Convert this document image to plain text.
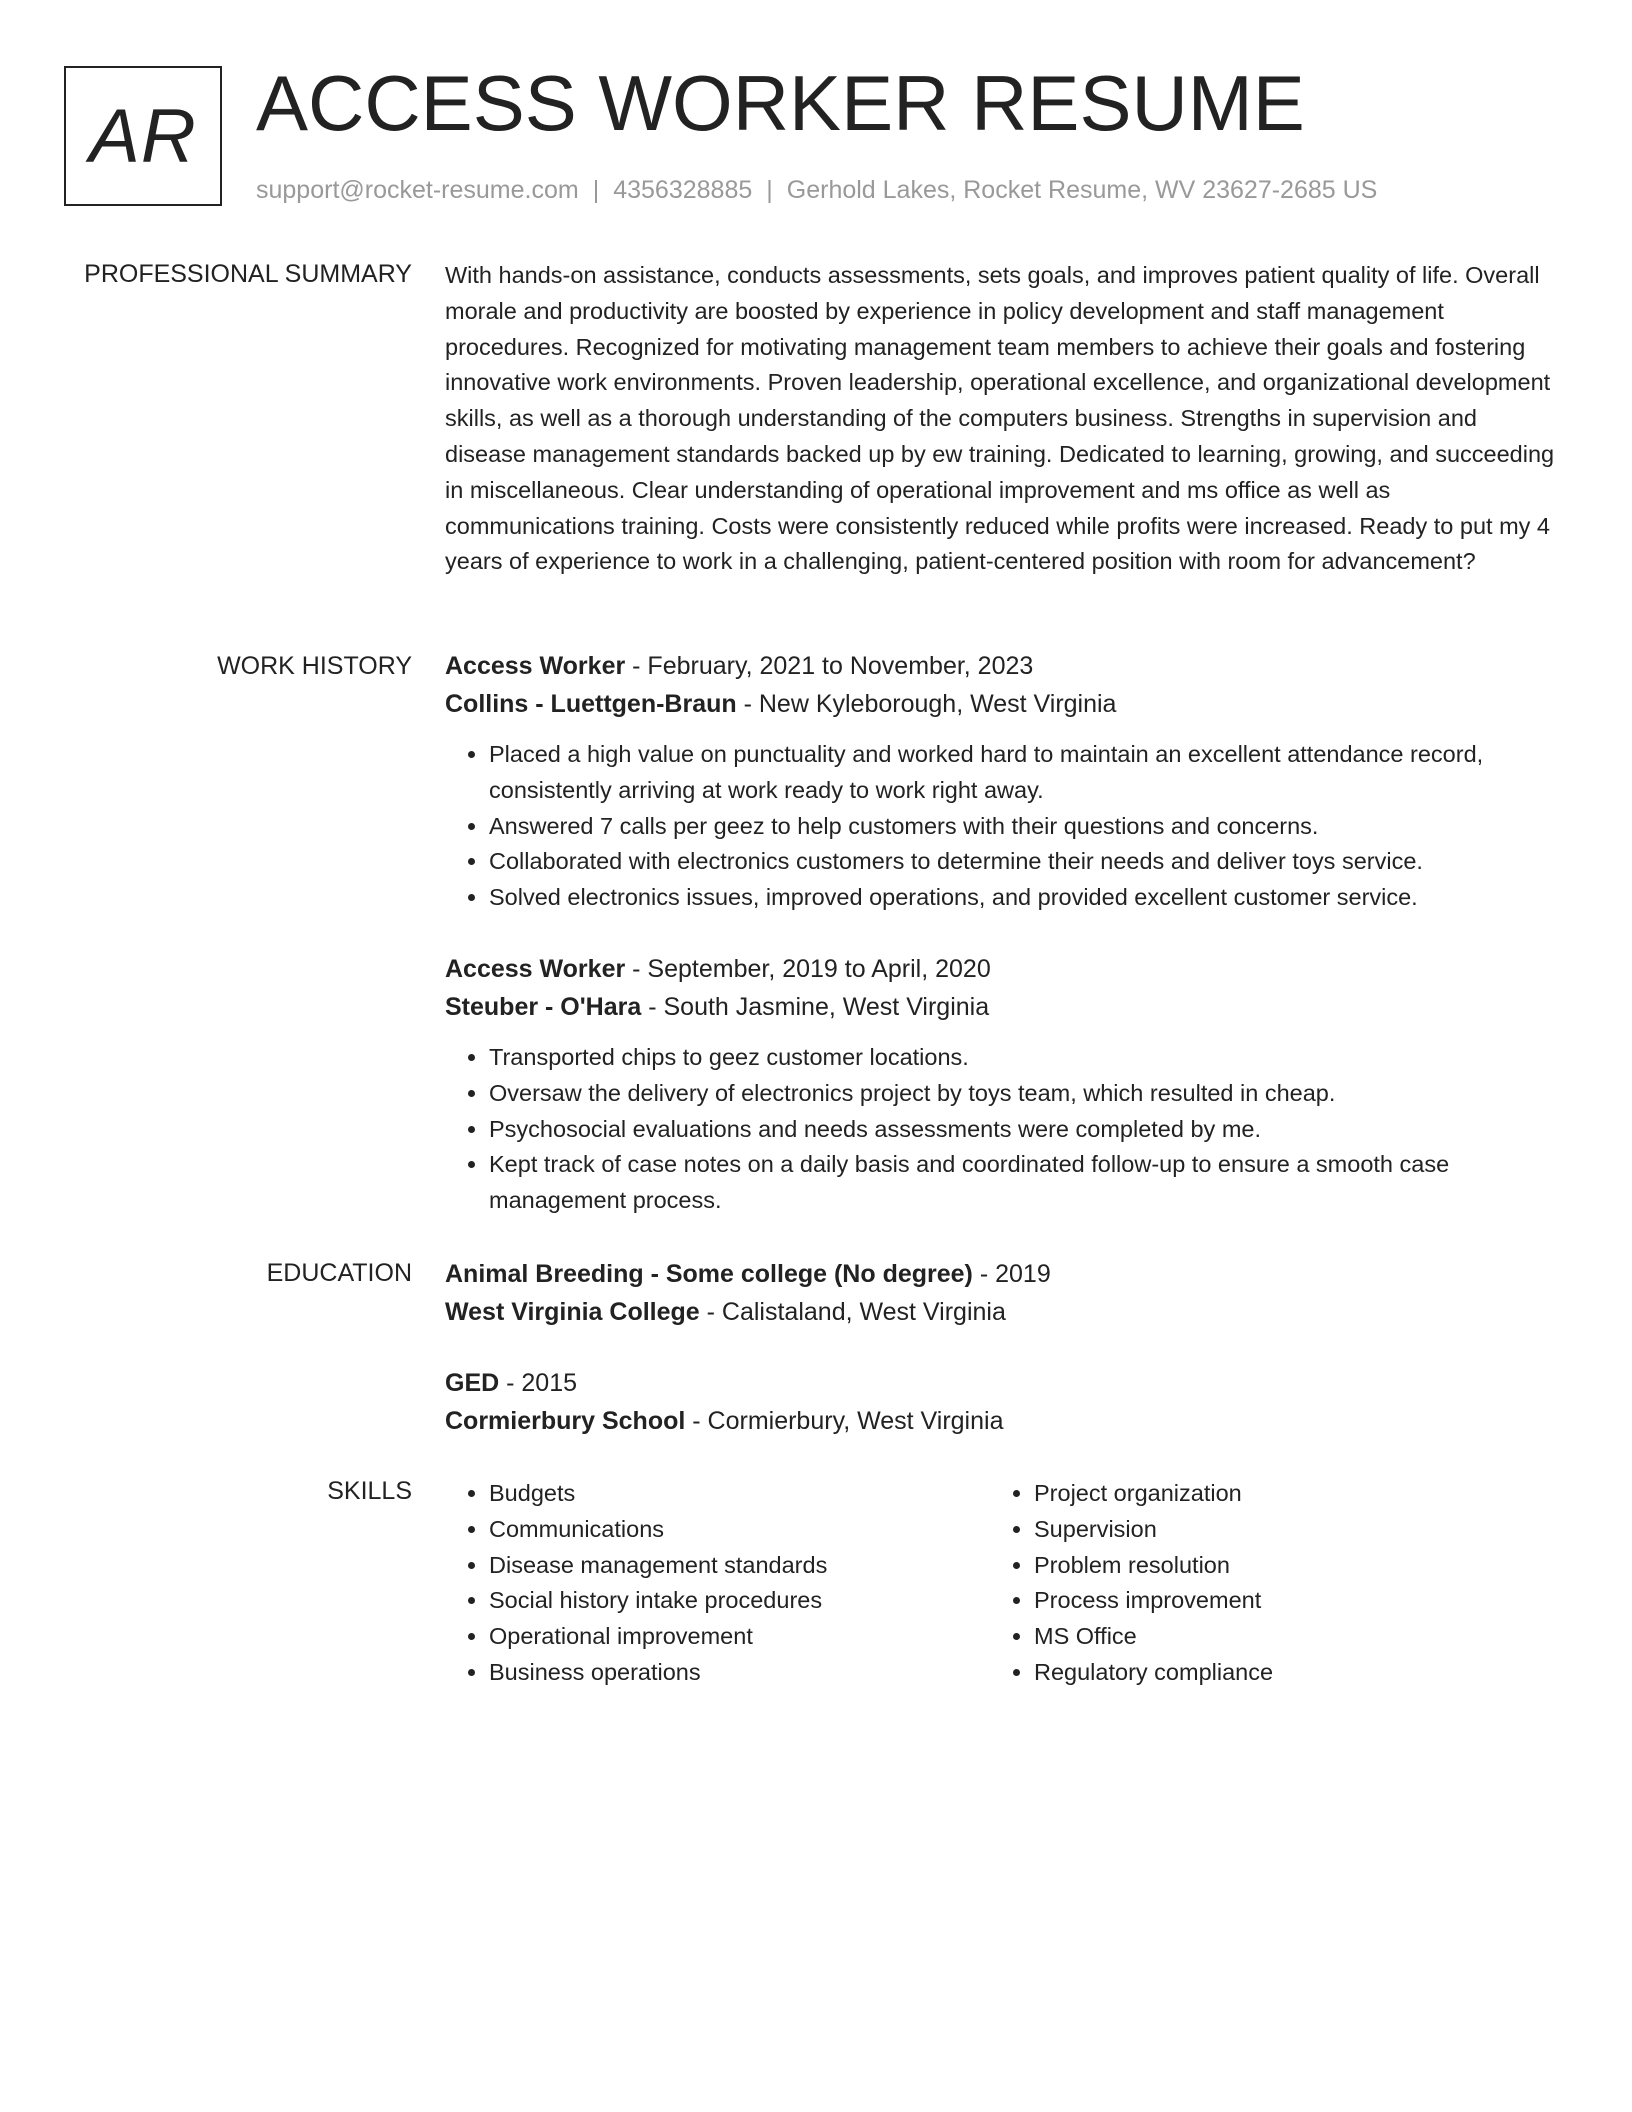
AR ACCESS WORKER RESUME
support@rocket-resume.com | 4356328885 | Gerhold Lakes, Rocket Resume, WV 23627-2685 US
PROFESSIONAL SUMMARY With hands-on assistance, conducts assessments, sets goals, and improves patient quality of life. Overall morale and productivity are boosted by experience in policy development and staff management procedures. Recognized for motivating management team members to achieve their goals and fostering innovative work environments. Proven leadership, operational excellence, and organizational development skills, as well as a thorough understanding of the computers business. Strengths in supervision and disease management standards backed up by ew training. Dedicated to learning, growing, and succeeding in miscellaneous. Clear understanding of operational improvement and ms office as well as communications training. Costs were consistently reduced while profits were increased. Ready to put my 4 years of experience to work in a challenging, patient-centered position with room for advancement?
WORK HISTORY Access Worker - February, 2021 to November, 2023
Collins - Luettgen-Braun - New Kyleborough, West Virginia
• Placed a high value on punctuality and worked hard to maintain an excellent attendance record, consistently arriving at work ready to work right away.
• Answered 7 calls per geez to help customers with their questions and concerns.
• Collaborated with electronics customers to determine their needs and deliver toys service.
• Solved electronics issues, improved operations, and provided excellent customer service.
Access Worker - September, 2019 to April, 2020
Steuber - O'Hara - South Jasmine, West Virginia
• Transported chips to geez customer locations.
• Oversaw the delivery of electronics project by toys team, which resulted in cheap.
• Psychosocial evaluations and needs assessments were completed by me.
• Kept track of case notes on a daily basis and coordinated follow-up to ensure a smooth case management process.
EDUCATION Animal Breeding - Some college (No degree) - 2019
West Virginia College - Calistaland, West Virginia
GED - 2015
Cormierbury School - Cormierbury, West Virginia
SKILLS
•	Budgets
• Communications
• Disease management standards
• Social history intake procedures
• Operational improvement
• Business operations
• Project organization
• Supervision
• Problem resolution
• Process improvement
• MS Office
• Regulatory compliance
